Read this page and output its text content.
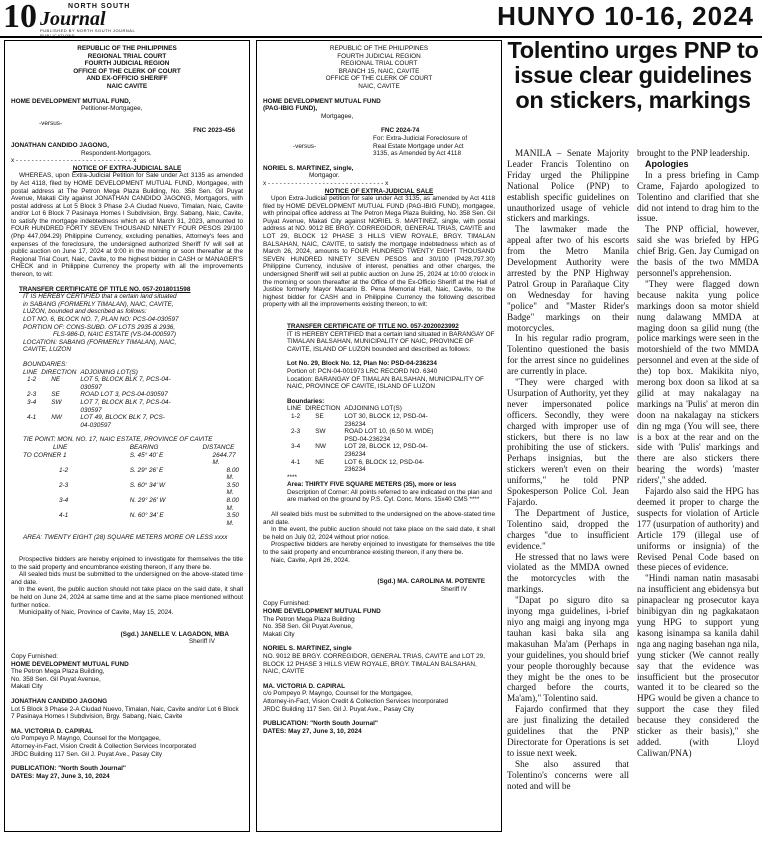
10	NORTH SOUTH
Journal
PUBLISHED BY NORTH SOUTH JOURNAL PUBLICATIONS
HUNYO 10-16, 2024
REPUBLIC OF THE PHILIPPINES
REGIONAL TRIAL COURT
FOURTH JUDICIAL REGION
OFFICE OF THE CLERK OF COURT
AND EX-OFFICIO SHERIFF
NAIC CAVITE
HOME DEVELOPMENT MUTUAL FUND,
Petitioner-Mortgagee,
-versus-
FNC 2023-456
JONATHAN CANDIDO JAGONG,
Respondent-Mortgagors.
x - - - - - - - - - - - - - - - - - - - - - - - - - - - - - - x
NOTICE OF EXTRA-JUDICIAL SALE

WHEREAS, upon Extra-Judicial Petition for Sale under Act 3135 as amended by Act 4118, filed by HOME DEVELOPMENT MUTUAL FUND, Mortgagee, with postal address at The Petron Mega Plaza Building, No. 358 Sen. Gil Puyat Avenue, Makati City against JONATHAN CANDIDO JAGONG, Mortgagors, with postal address at Lot 5 Block 3 Phase 2-A Ciudad Nuevo, Timalan, Naic, Cavite and/or Lot 6 Block 7 Pasinaya Homes I Subdivision, Brgy. Sabang, Naic, Cavite, to satisfy the mortgage indebtedness which as of March 31, 2023, amounted to FOUR HUNDRED FORTY SEVEN THOUSAND NINETY FOUR PESOS 29/100 (Php 447,094.29) Philippine Currency, excluding penalties, Attorney's fees and expenses of the foreclosure, the undersigned authorized Sheriff IV will sell at public auction on June 17, 2024 at 9:00 in the morning or soon thereafter at the Regional Trial Court, Naic, Cavite, to the highest bidder in CASH or MANAGER'S CHECK and in Philippine Currency the property with all the improvements thereon, to wit:

TRANSFER CERTIFICATE OF TITLE NO. 057-2018011598
IT IS HEREBY CERTIFIED that a certain land situated
in SABANG (FORMERLY TIMALAN), NAIC, CAVITE,
LUZON, bounded and described as follows:
LOT NO. 6, BLOCK NO. 7, PLAN NO: PCS-04-030597
PORTION OF: CONS-SUBD. OF LOTS 2935 & 2936,
FLS-986-D, NAIC ESTATE (VS-04-000597)
LOCATION: SABANG (FORMERLY TIMALAN), NAIC,
CAVITE, LUZON
BOUNDARIES:
LINE	DIRECTION	ADJOINING LOT(S)
1-2	NE	LOT 5, BLOCK BLK 7, PCS-04-030597
2-3	SE	ROAD LOT 3, PCS-04-030597
3-4	SW	LOT 7, BLOCK BLK 7, PCS-04-030597
4-1	NW	LOT 49, BLOCK BLK 7, PCS-04-030597
TIE POINT: MON. NO. 17, NAIC ESTATE, PROVINCE OF CAVITE
LINE	BEARING	DISTANCE
TO CORNER 1	S. 45° 40' E	2644.77 M.
1-2	S. 29° 26' E	8.00 M.
2-3	S. 60° 34' W	3.50 M.
3-4	N. 29° 26' W	8.00 M.
4-1	N. 60° 34' E	3.50 M.
AREA: TWENTY EIGHT (28) SQUARE METERS MORE OR LESS xxxx

Prospective bidders are hereby enjoined to investigate for themselves the title to the said property and encumbrance existing thereon, if any there be.

All sealed bids must be submitted to the undersigned on the above-stated time and date.

In the event, the public auction should not take place on the said date, it shall be held on June 24, 2024 at same time and at the same place mentioned without further notice.

Municipality of Naic, Province of Cavite, May 15, 2024.

(Sgd.) JANELLE V. LAGADON, MBA
Sheriff IV
Copy Furnished:
HOME DEVELOPMENT MUTUAL FUND
The Petron Mega Plaza Building,
No. 358 Sen. Gil Puyat Avenue,
Makati City
JONATHAN CANDIDO JAGONG
Lot 5 Block 3 Phase 2-A Ciudad Nuevo, Timalan, Naic, Cavite and/or Lot 6 Block 7 Pasinaya Homes I Subdivision, Brgy. Sabang, Naic, Cavite
MA. VICTORIA D. CAPIRAL
c/o Pompeyo P. Mayngo, Counsel for the Mortgagee,
Attorney-in-Fact, Vision Credit & Collection Services Incorporated
JRDC Building 117 Sen. Gil J. Puyat Ave., Pasay City
PUBLICATION: "North South Journal"
DATES: May 27, June 3, 10, 2024
REPUBLIC OF THE PHILIPPINES
FOURTH JUDICIAL REGION
REGIONAL TRIAL COURT
BRANCH 15, NAIC, CAVITE
OFFICE OF THE CLERK OF COURT
NAIC, CAVITE
HOME DEVELOPMENT MUTUAL FUND (PAG-IBIG FUND),
Mortgagee,
FNC 2024-74
-versus-
For: Extra-Judicial Foreclosure of
Real Estate Mortgage under Act
3135, as Amended by Act 4118
NORIEL S. MARTINEZ, single,
Mortgagor.
x - - - - - - - - - - - - - - - - - - - - - - - - - - - - - - x
NOTICE OF EXTRA-JUDICIAL SALE

Upon Extra-Judicial petition for sale under Act 3135, as amended by Act 4118 filed by HOME DEVELOPMENT MUTUAL FUND (PAG-IBIG FUND), mortgagee, with principal office address at The Petron Mega Plaza Building, No. 358 Sen. Gil Puyat Avenue, Makati City against NORIEL S. MARTINEZ, single, with postal address at NO. 9012 BE BRGY. CORREGIDOR, GENERAL TRIAS, CAVITE and LOT 29, BLOCK 12 PHASE 3 HILLS VIEW ROYALE, BRGY. TIMALAN BALSAHAN, NAIC, CAVITE, to satisfy the mortgage indebtedness which as of March 26, 2024, amounts to FOUR HUNDRED TWENTY EIGHT THOUSAND SEVEN HUNDRED NINETY SEVEN PESOS and 30/100 (P428,797.30) Philippine Currency, inclusive of interest, penalties and other charges, the undersigned Sheriff will sell at public auction on June 25, 2024 at 10:00 o'clock in the morning or soon thereafter at the Office of the Ex-Officio Sheriff at the Hall of Justice formerly Mayor Macario B. Pena Memorial Hall, Naic, Cavite, to the highest bidder for CASH and in Philippine Currency the following described property with all the improvements existing thereon, to wit:

TRANSFER CERTIFICATE OF TITLE NO. 057-2020023992
IT IS HEREBY CERTIFIED that a certain land situated in BARANGAY OF TIMALAN BALSAHAN, MUNICIPALITY OF NAIC, PROVINCE OF CAVITE, ISLAND OF LUZON bounded and described as follows:
Lot No. 29, Block No. 12, Plan No: PSD-04-236234
Portion of: PCN-04-001973 LRC RECORD NO. 6340
Location: BARANGAY OF TIMALAN BALSAHAN, MUNICIPALITY OF NAIC, PROVINCE OF CAVITE, ISLAND OF LUZON
Boundaries:
LINE	DIRECTION	ADJOINING LOT(S)
1-2	SE	LOT 30, BLOCK 12, PSD-04-236234
2-3	SW	ROAD LOT 10, (6.50 M. WIDE) PSD-04-236234
3-4	NW	LOT 28, BLOCK 12, PSD-04-236234
4-1	NE	LOT 6, BLOCK 12, PSD-04-236234
****
Area: THIRTY FIVE SQUARE METERS (35), more or less
Description of Corner: All points referred to are indicated on the plan and are marked on the ground by P.S. Cyl. Conc. Mons. 15x40 CMS ****

All sealed bids must be submitted to the undersigned on the above-stated time and date.

In the event, the public auction should not take place on the said date, it shall be held on July 02, 2024 without prior notice.

Prospective bidders are hereby enjoined to investigate for themselves the title to the said property and encumbrance existing thereon, if any there be.

Naic, Cavite, April 26, 2024.

(Sgd.) MA. CAROLINA M. POTENTE
Sheriff IV
Copy Furnished:
HOME DEVELOPMENT MUTUAL FUND
The Petron Mega Plaza Building
No. 358 Sen. Gil Puyat Avenue,
Makati City
NORIEL S. MARTINEZ, single
NO. 9012 BE BRGY. CORREGIDOR, GENERAL TRIAS, CAVITE and LOT 29, BLOCK 12 PHASE 3 HILLS VIEW ROYALE, BRGY. TIMALAN BALSAHAN, NAIC, CAVITE
MA. VICTORIA D. CAPIRAL
c/o Pompeyo P. Mayngo, Counsel for the Mortgagee,
Attorney-in-Fact, Vision Credit & Collection Services Incorporated
JRDC Building 117 Sen. Gil J. Puyat Ave., Pasay City
PUBLICATION: "North South Journal"
DATES: May 27, June 3, 10, 2024
Tolentino urges PNP to issue clear guidelines on stickers, markings

MANILA – Senate Majority Leader Francis Tolentino on Friday urged the Philippine National Police (PNP) to establish specific guidelines on unauthorized usage of vehicle stickers and markings.

The lawmaker made the appeal after two of his escorts from the Metro Manila Development Authority were arrested by the PNP Highway Patrol Group in Parañaque City on Wednesday for having "police" and "Master Rider's Badge" markings on their motorcycles.

In his regular radio program, Tolentino questioned the basis for the arrest since no guidelines are currently in place.

"They were charged with Usurpation of Authority, yet they never impersonated police officers. Secondly, they were charged with improper use of stickers, but there is no law prohibiting the use of stickers. Perhaps insignias, but the stickers weren't even on their uniforms," he told PNP Spokesperson Police Col. Jean Fajardo.

The Department of Justice, Tolentino said, dropped the charges "due to insufficient evidence."

He stressed that no laws were violated as the MMDA owned the motorcycles with the markings.

"Dapat po siguro dito sa inyong mga guidelines, i-brief niyo ang maigi ang inyong mga tauhan kasi baka sila ang makasuhan Ma'am (Perhaps in your guidelines, you should brief your people thoroughly because they might be the ones to be charged before the courts, Ma'am)," Tolentino said.

Fajardo confirmed that they are just finalizing the detailed guidelines that the PNP Directorate for Operations is set to issue next week.

She also assured that Tolentino's concerns were all noted and will be

brought to the PNP leadership.

Apologies

In a press briefing in Camp Crame, Fajardo apologized to Tolentino and clarified that she did not intend to drag him to the issue.

The PNP official, however, said she was briefed by HPG chief Brig. Gen. Jay Cumigad on the basis of the two MMDA personnel's apprehension.

"They were flagged down because nakita yung police markings doon sa motor shield nung dalawang MMDA at maging doon sa gilid nung (the police markings were seen in the motorshield of the two MMDA personnel and even at the side of the) top box. Makikita niyo, merong box doon sa likod at sa gilid at may nakalagay na markings na 'Pulis' at meron din doon na nakalagay na stickers din ng mga (You will see, there is a box at the rear and on the side with 'Pulis' markings and there are also stickers there bearing the words) 'master riders'," she added.

Fajardo also said the HPG has deemed it proper to charge the suspects for violation of Article 177 (usurpation of authority) and Article 179 (illegal use of uniforms or insignia) of the Revised Penal Code based on these pieces of evidence.

"Hindi naman natin masasabi na insufficient ang ebidensya but pinapaclear ng prosecutor kaya binibigyan din ng pagkakataon yung HPG to support yung kasong isinampa sa kanila dahil nga ang naging basehan nga nila, yung sticker (We cannot really say that the evidence was insufficient but the prosecutor wanted it to be cleared so the HPG would be given a chance to support the case they filed because they considered the sticker as their basis)," she added. (with Lloyd Caliwan/PNA)
